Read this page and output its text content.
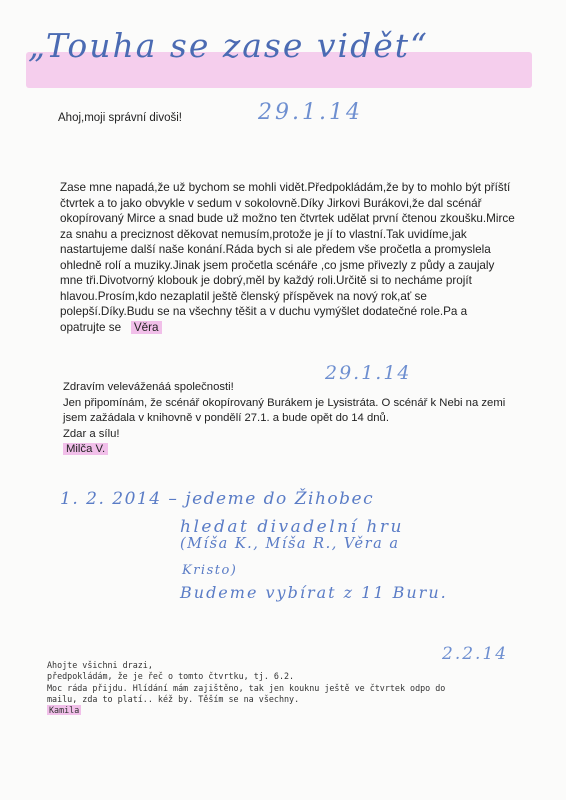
„Touha se zase vidět“
Ahoj,moji správní divoši!	29.1.14
Zase mne napadá,že už bychom se mohli vidět.Předpokládám,že by to mohlo být příští čtvrtek a to jako obvykle v sedum v sokolovně.Díky Jirkovi Burákovi,že dal scénář okopírovaný Mirce a snad bude už možno ten čtvrtek udělat první čtenou zkoušku.Mirce za snahu a preciznost děkovat nemusím,protože je jí to vlastní.Tak uvidíme,jak nastartujeme další naše konání.Ráda bych si ale předem vše pročetla a promyslela ohledně rolí a muziky.Jinak jsem pročetla scénáře ,co jsme přivezly z půdy a zaujaly mne tři.Divotvorný klobouk je dobrý,měl by každý roli.Určitě si to necháme projít hlavou.Prosím,kdo nezaplatil ještě členský příspěvek na nový rok,ať se polepší.Díky.Budu se na všechny těšit a v duchu vymýšlet dodatečné role.Pa a opatrujte se Věra
29.1.14
Zdravím veleváženáá společnosti!
Jen připomínám, že scénář okopírovaný Burákem je Lysistráta. O scénář k Nebi na zemi jsem zažádala v knihovně v pondělí 27.1. a bude opět do 14 dnů.
Zdar a sílu!
Milča V.
1. 2. 2014 – jedeme do Žihobec
hledat divadelní hru
(Míša K., Míša R., Věra a
Kristo)
Budeme vybírat z 11 Buru.
2.2.14
Ahojte všichni drazi,
předpokládám, že je řeč o tomto čtvrtku, tj. 6.2.
Moc ráda přijdu. Hlídání mám zajištěno, tak jen kouknu ještě ve čtvrtek odpo do
mailu, zda to platí.. kéž by. Těším se na všechny.
Kamila
